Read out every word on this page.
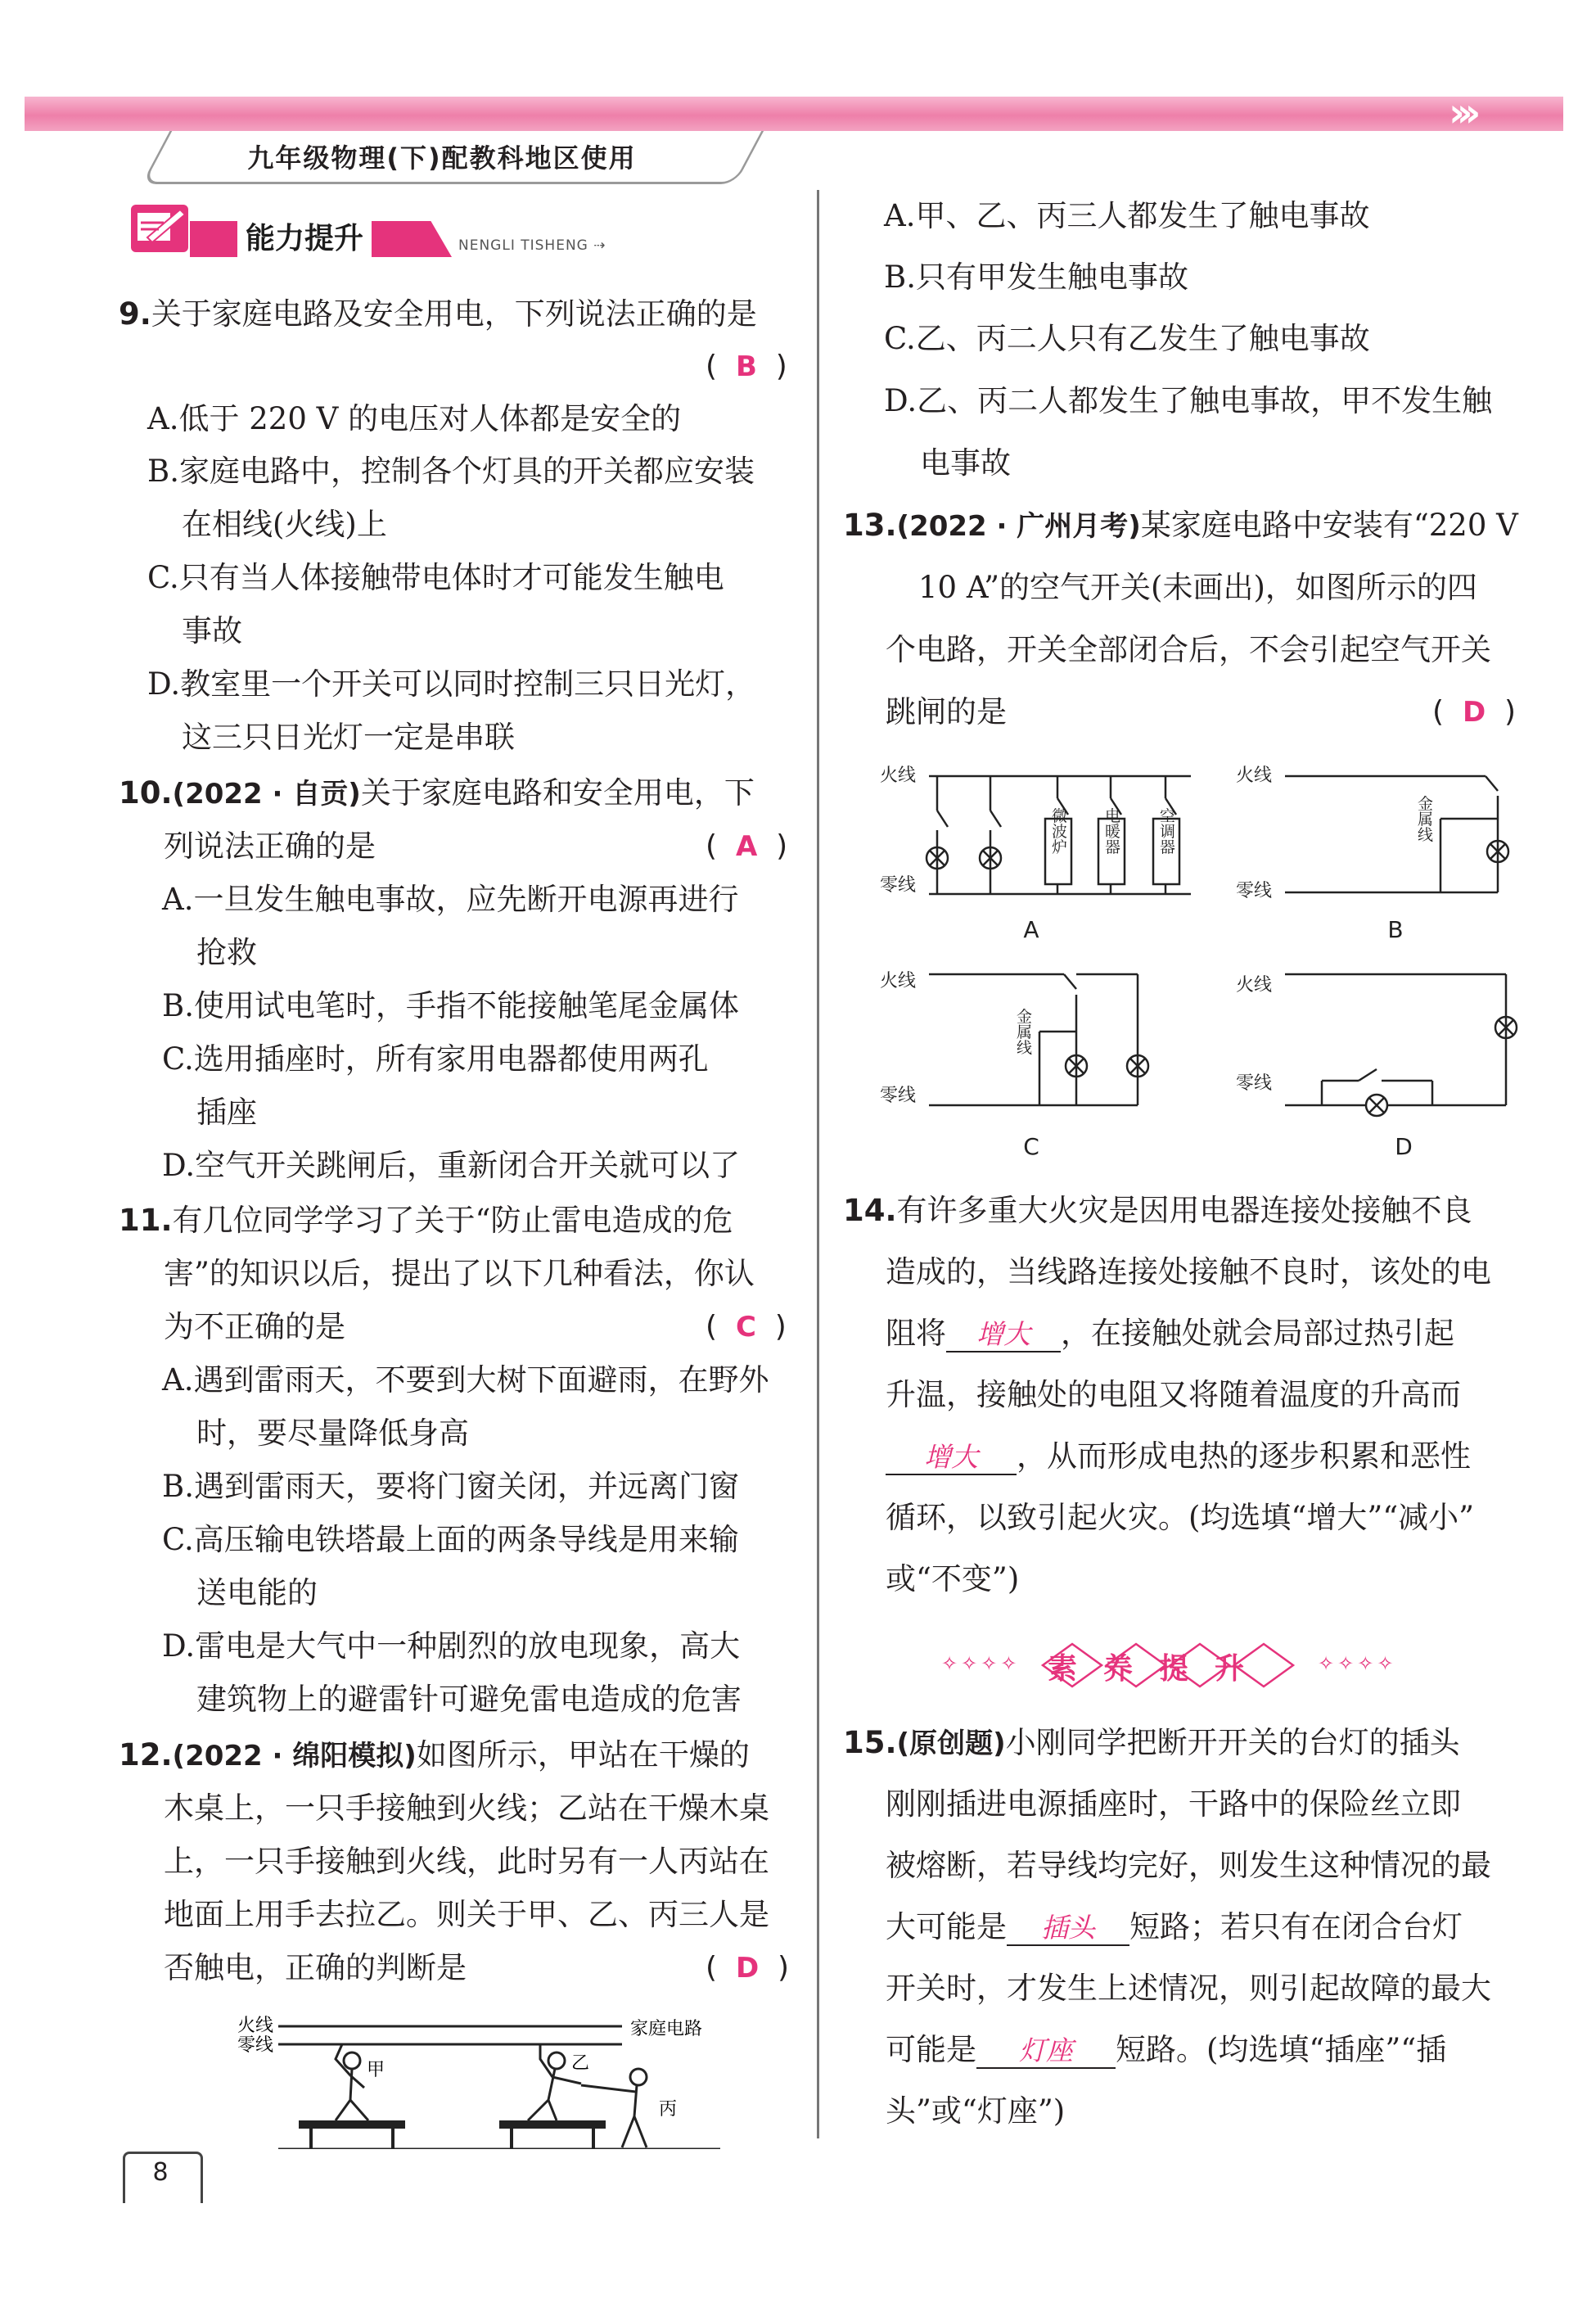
›››
九年级物理(下)配教科地区使用
能力提升	NENGLI TISHENG ⇢
9.关于家庭电路及安全用电，下列说法正确的是
(  B  )
A.低于 220 V 的电压对人体都是安全的
B.家庭电路中，控制各个灯具的开关都应安装
在相线(火线)上
C.只有当人体接触带电体时才可能发生触电
事故
D.教室里一个开关可以同时控制三只日光灯，
这三只日光灯一定是串联
10.(2022 · 自贡)关于家庭电路和安全用电，下
列说法正确的是	(  A  )
A.一旦发生触电事故，应先断开电源再进行
抢救
B.使用试电笔时，手指不能接触笔尾金属体
C.选用插座时，所有家用电器都使用两孔
插座
D.空气开关跳闸后，重新闭合开关就可以了
11.有几位同学学习了关于“防止雷电造成的危
害”的知识以后，提出了以下几种看法，你认
为不正确的是	(  C  )
A.遇到雷雨天，不要到大树下面避雨，在野外
时，要尽量降低身高
B.遇到雷雨天，要将门窗关闭，并远离门窗
C.高压输电铁塔最上面的两条导线是用来输
送电能的
D.雷电是大气中一种剧烈的放电现象，高大
建筑物上的避雷针可避免雷电造成的危害
12.(2022 · 绵阳模拟)如图所示，甲站在干燥的
木桌上，一只手接触到火线；乙站在干燥木桌
上，一只手接触到火线，此时另有一人丙站在
地面上用手去拉乙。则关于甲、乙、丙三人是
否触电，正确的判断是	(  D  )
火线
零线
家庭电路
甲	乙
丙
A.甲、乙、丙三人都发生了触电事故
B.只有甲发生触电事故
C.乙、丙二人只有乙发生了触电事故
D.乙、丙二人都发生了触电事故，甲不发生触
电事故
13.(2022 · 广州月考)某家庭电路中安装有“220 V
10 A”的空气开关(未画出)，如图所示的四
个电路，开关全部闭合后，不会引起空气开关
跳闸的是	(  D  )
火线
零线
火线
零线
火线
零线
火线
零线
微波炉 电暖器 空调器	金属线
金属线
A	B
C	D
14.有许多重大火灾是因用电器连接处接触不良
造成的，当线路连接处接触不良时，该处的电
阻将 增大 ，在接触处就会局部过热引起
升温，接触处的电阻又将随着温度的升高而
增大 ，从而形成电热的逐步积累和恶性
循环，以致引起火灾。(均选填“增大”“减小”
或“不变”)
✧✧✧✧ 素养提升 ✧✧✧✧
15.(原创题)小刚同学把断开开关的台灯的插头
刚刚插进电源插座时，干路中的保险丝立即
被熔断，若导线均完好，则发生这种情况的最
大可能是 插头 短路；若只有在闭合台灯
开关时，才发生上述情况，则引起故障的最大
可能是 灯座 短路。(均选填“插座”“插
头”或“灯座”)
8
